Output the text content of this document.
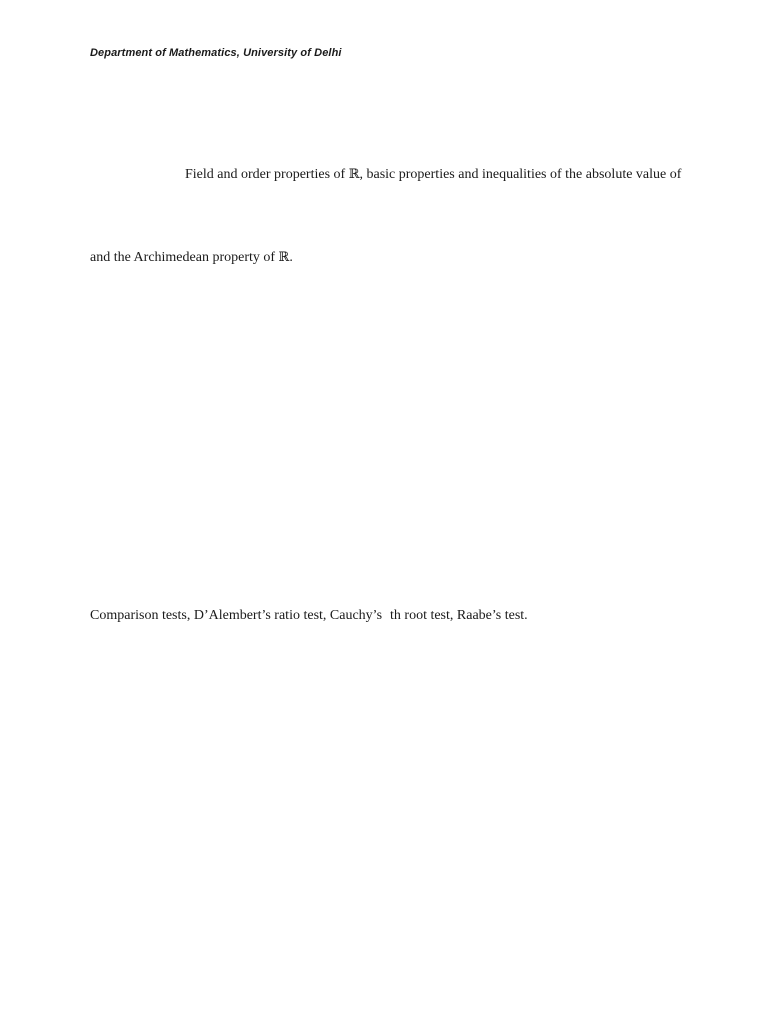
Department of Mathematics, University of Delhi
Field and order properties of ℝ, basic properties and inequalities of the absolute value of
and the Archimedean property of ℝ.
Comparison tests, D’Alembert’s ratio test, Cauchy’s th root test, Raabe’s test.
